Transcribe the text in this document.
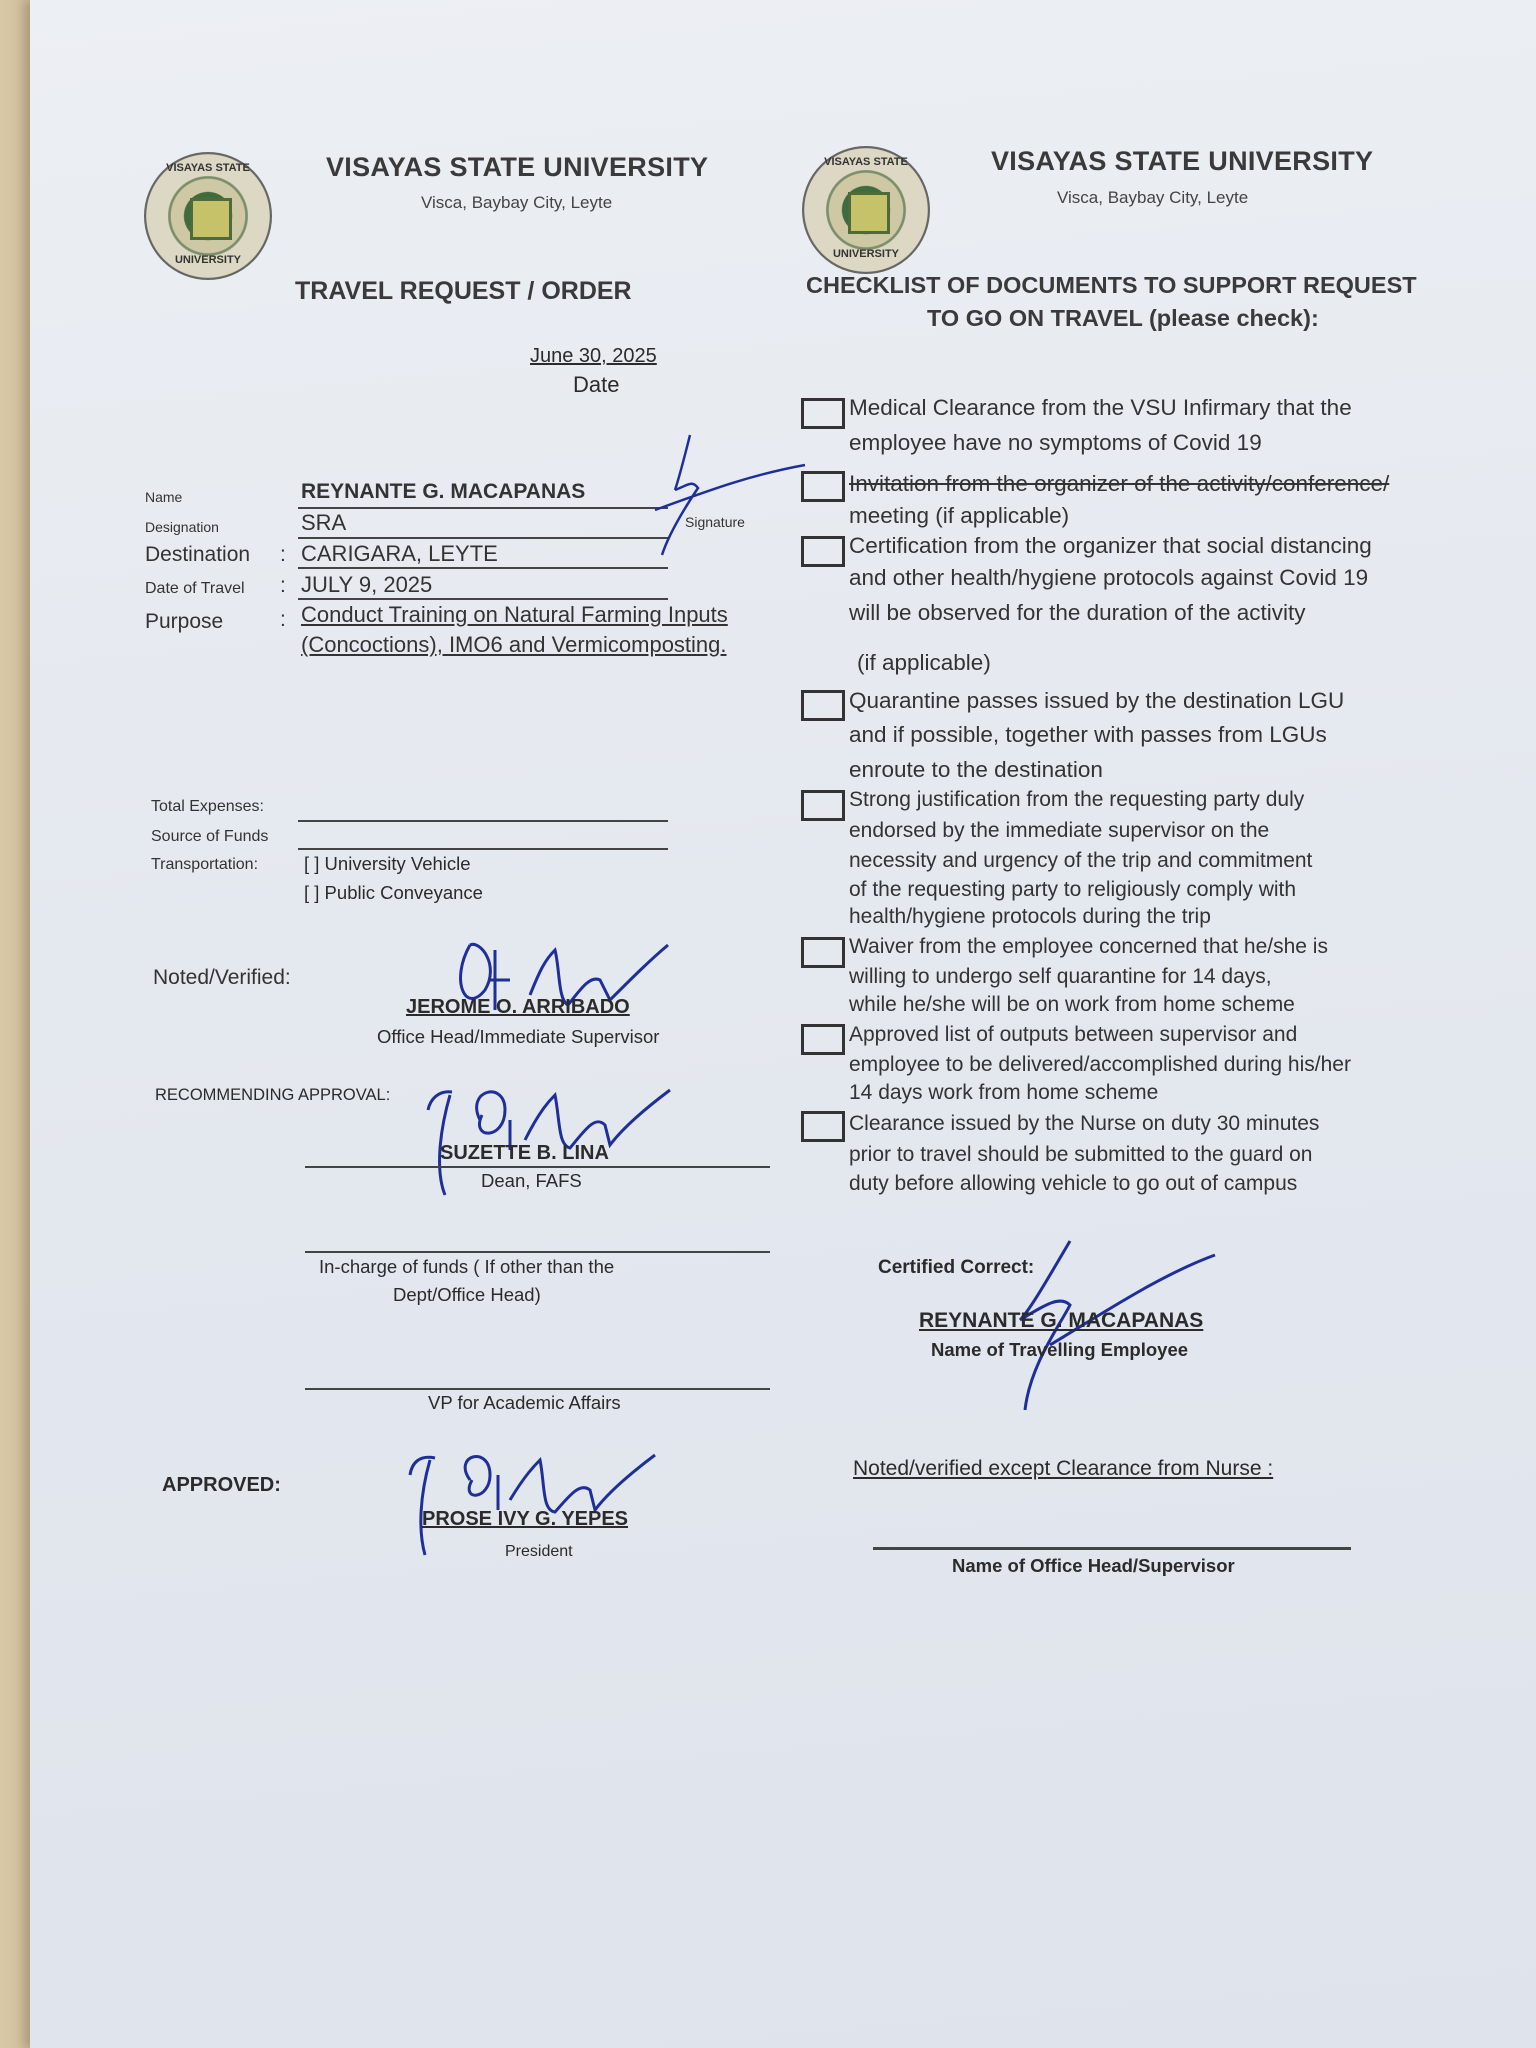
VISAYAS STATE
UNIVERSITY
VISAYAS STATE UNIVERSITY
Visca, Baybay City, Leyte
TRAVEL REQUEST / ORDER
June 30, 2025
Date
Name	REYNANTE G. MACAPANAS
Signature
Designation	SRA
Destination : CARIGARA, LEYTE
Date of Travel : JULY 9, 2025
Purpose	: Conduct Training on Natural Farming Inputs
(Concoctions), IMO6 and Vermicomposting.
Total Expenses:
Source of Funds
Transportation: [ ] University Vehicle
[ ] Public Conveyance
Noted/Verified:
JEROME O. ARRIBADO
Office Head/Immediate Supervisor
RECOMMENDING APPROVAL:
SUZETTE B. LINA
Dean, FAFS
In-charge of funds ( If other than the
Dept/Office Head)
VP for Academic Affairs
APPROVED:
PROSE IVY G. YEPES
President
VISAYAS STATE
UNIVERSITY
VISAYAS STATE UNIVERSITY
Visca, Baybay City, Leyte
CHECKLIST OF DOCUMENTS TO SUPPORT REQUEST
TO GO ON TRAVEL (please check):
Medical Clearance from the VSU Infirmary that the
employee have no symptoms of Covid 19
Invitation from the organizer of the activity/conference/
meeting (if applicable)
Certification from the organizer that social distancing
and other health/hygiene protocols against Covid 19
will be observed for the duration of the activity
(if applicable)
Quarantine passes issued by the destination LGU
and if possible, together with passes from LGUs
enroute to the destination
Strong justification from the requesting party duly
endorsed by the immediate supervisor on the
necessity and urgency of the trip and commitment
of the requesting party to religiously comply with
health/hygiene protocols during the trip
Waiver from the employee concerned that he/she is
willing to undergo self quarantine for 14 days,
while he/she will be on work from home scheme
Approved list of outputs between supervisor and
employee to be delivered/accomplished during his/her
14 days work from home scheme
Clearance issued by the Nurse on duty 30 minutes
prior to travel should be submitted to the guard on
duty before allowing vehicle to go out of campus
Certified Correct:
REYNANTE G. MACAPANAS
Name of Travelling Employee
Noted/verified except Clearance from Nurse :
Name of Office Head/Supervisor
